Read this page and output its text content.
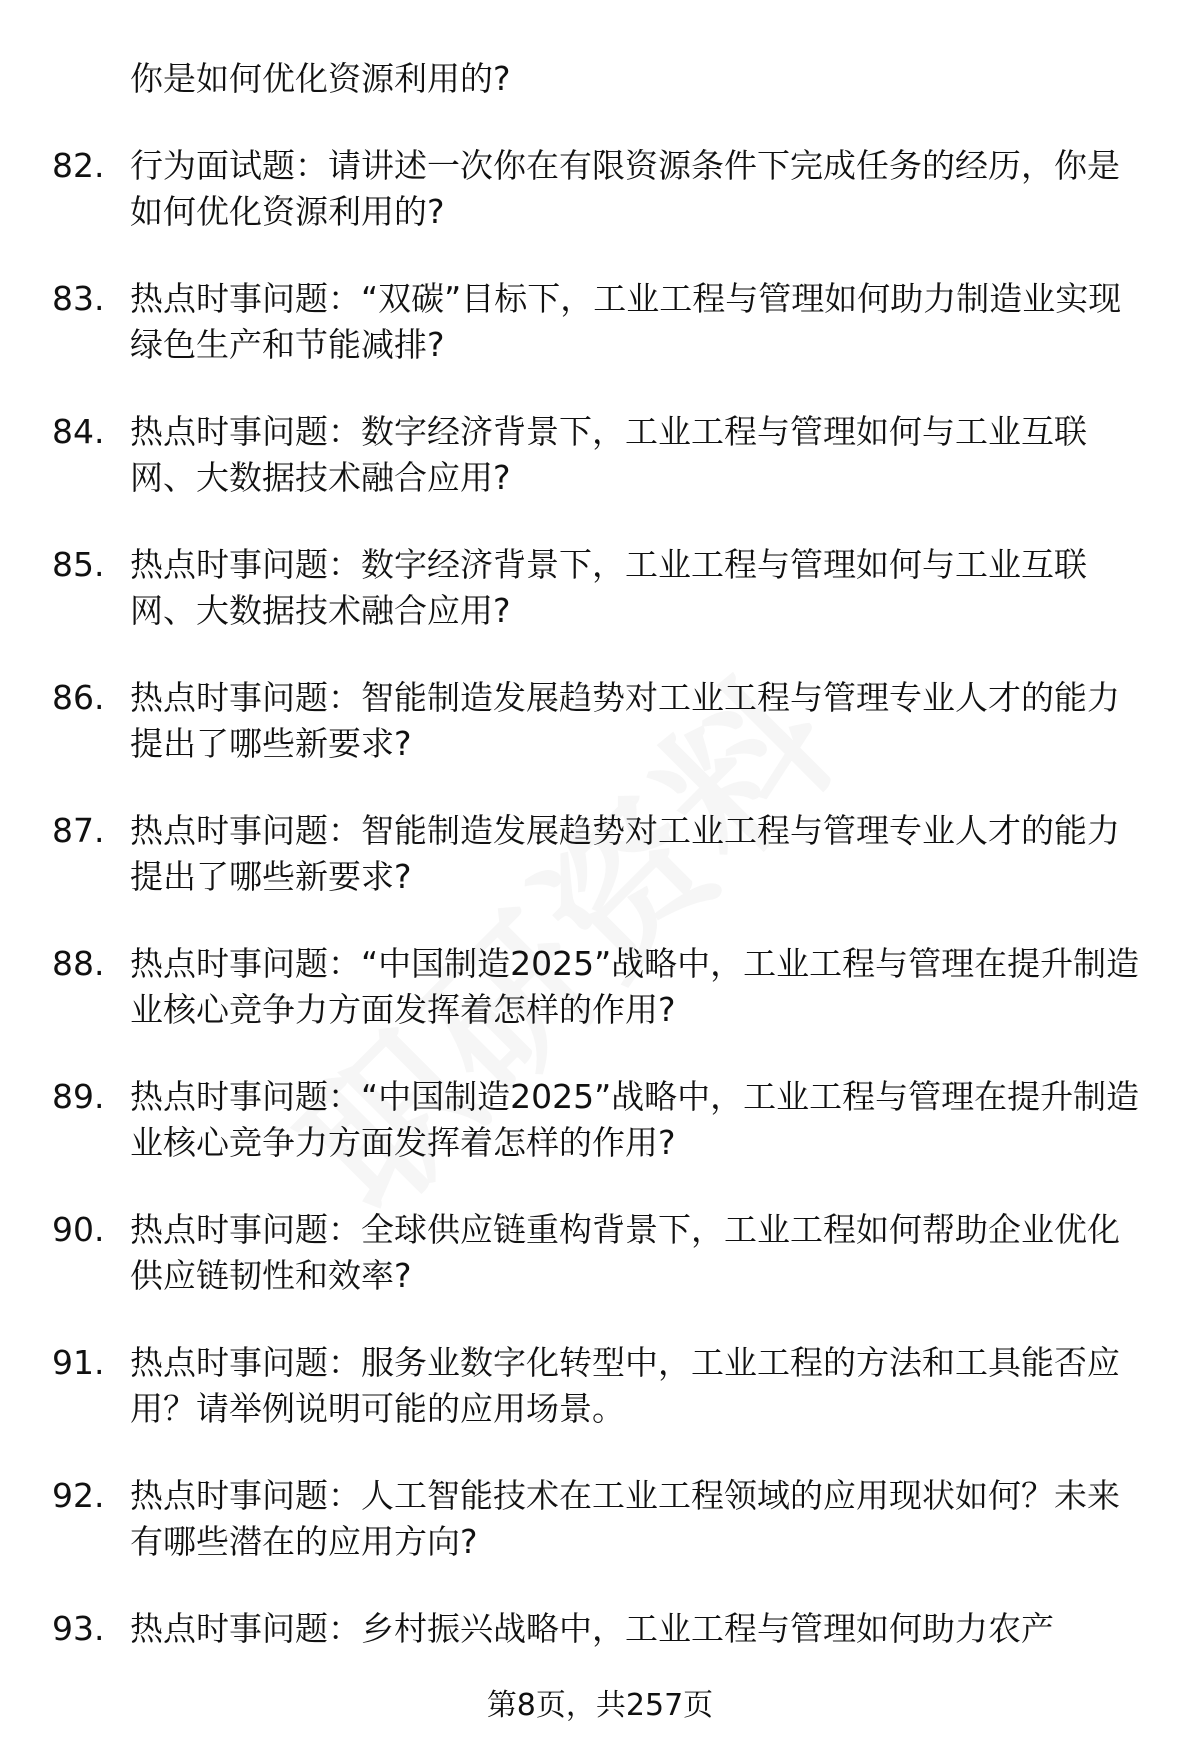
你是如何优化资源利用的?
82. 行为面试题：请讲述一次你在有限资源条件下完成任务的经历，你是如何优化资源利用的?
83. 热点时事问题：“双碳”目标下，工业工程与管理如何助力制造业实现绿色生产和节能减排?
84. 热点时事问题：数字经济背景下，工业工程与管理如何与工业互联网、大数据技术融合应用?
85. 热点时事问题：数字经济背景下，工业工程与管理如何与工业互联网、大数据技术融合应用?
86. 热点时事问题：智能制造发展趋势对工业工程与管理专业人才的能力提出了哪些新要求?
87. 热点时事问题：智能制造发展趋势对工业工程与管理专业人才的能力提出了哪些新要求?
88. 热点时事问题：“中国制造2025”战略中，工业工程与管理在提升制造业核心竞争力方面发挥着怎样的作用?
89. 热点时事问题：“中国制造2025”战略中，工业工程与管理在提升制造业核心竞争力方面发挥着怎样的作用?
90. 热点时事问题：全球供应链重构背景下，工业工程如何帮助企业优化供应链韧性和效率?
91. 热点时事问题：服务业数字化转型中，工业工程的方法和工具能否应用？请举例说明可能的应用场景。
92. 热点时事问题：人工智能技术在工业工程领域的应用现状如何？未来有哪些潜在的应用方向?
93. 热点时事问题：乡村振兴战略中，工业工程与管理如何助力农产
第8页，共257页
